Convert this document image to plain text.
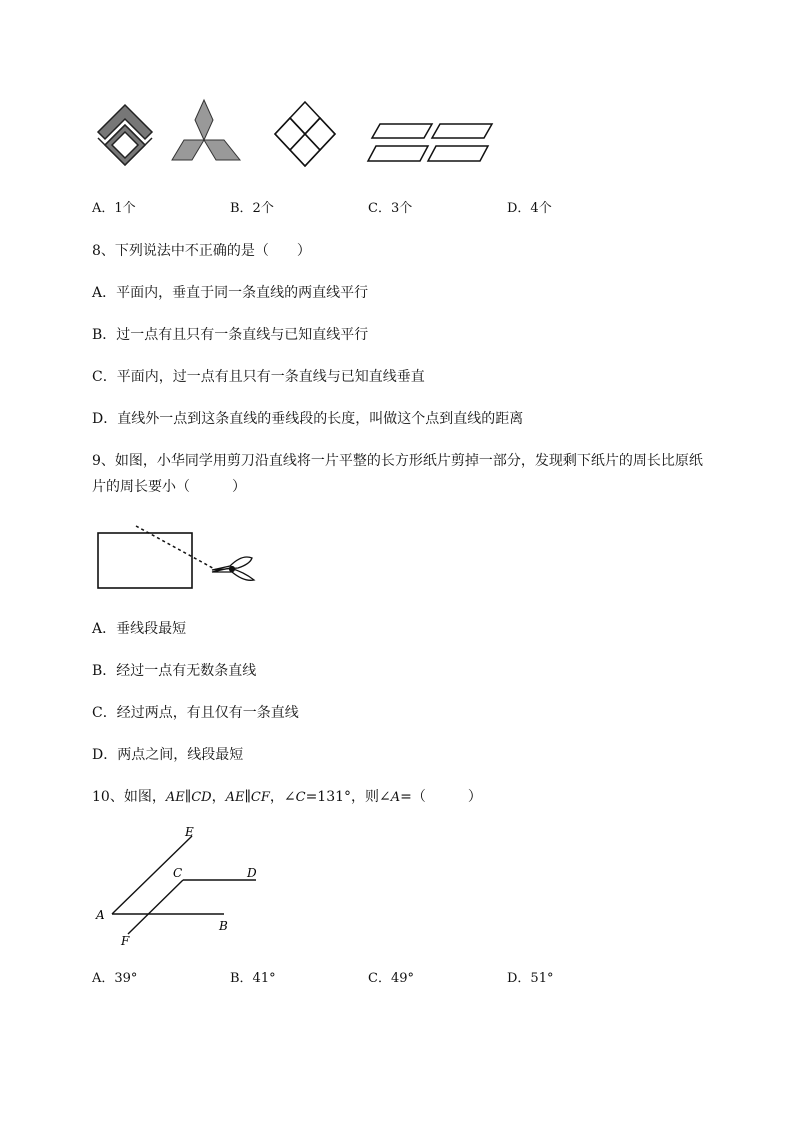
A．1个	B．2个	C．3个	D．4个
8、下列说法中不正确的是（　　）
A．平面内，垂直于同一条直线的两直线平行
B．过一点有且只有一条直线与已知直线平行
C．平面内，过一点有且只有一条直线与已知直线垂直
D．直线外一点到这条直线的垂线段的长度，叫做这个点到直线的距离
9、如图，小华同学用剪刀沿直线将一片平整的长方形纸片剪掉一部分，发现剩下纸片的周长比原纸
片的周长要小（　　　）
A．垂线段最短
B．经过一点有无数条直线
C．经过两点，有且仅有一条直线
D．两点之间，线段最短
10、如图，AE∥CD，AE∥CF，∠C=131°，则∠A=（　　　）
E
C	D
A
F
B
A．39°	B．41°	C．49°	D．51°
